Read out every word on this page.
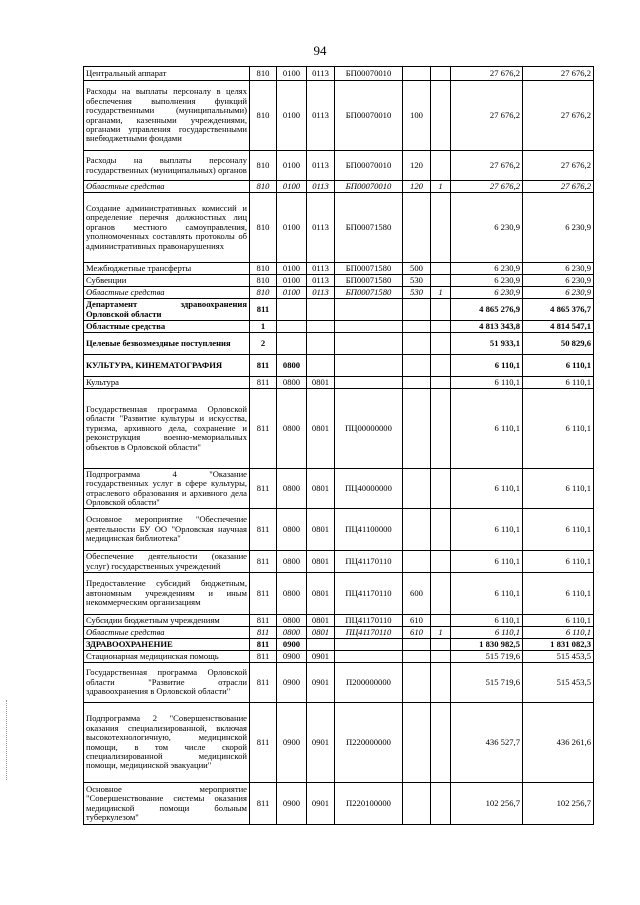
94
Центральный аппарат	810	0100	0113	БП00070010			27 676,2	27 676,2
Расходы на выплаты персоналу в целях обеспечения выполнения функций государственными (муниципальными) органами, казенными учреждениями, органами управления государственными внебюджетными фондами	810	0100	0113	БП00070010	100		27 676,2	27 676,2
Расходы на выплаты персоналу государственных (муниципальных) органов	810	0100	0113	БП00070010	120		27 676,2	27 676,2
Областные средства	810	0100	0113	БП00070010	120	1	27 676,2	27 676,2
Создание административных комиссий и определение перечня должностных лиц органов местного самоуправления, уполномоченных составлять протоколы об административных правонарушениях	810	0100	0113	БП00071580			6 230,9	6 230,9
Межбюджетные трансферты	810	0100	0113	БП00071580	500		6 230,9	6 230,9
Субвенции	810	0100	0113	БП00071580	530		6 230,9	6 230,9
Областные средства	810	0100	0113	БП00071580	530	1	6 230,9	6 230,9
Департамент здравоохранения Орловской области	811						4 865 276,9	4 865 376,7
Областные средства	1						4 813 343,8	4 814 547,1
Целевые безвозмездные поступления	2						51 933,1	50 829,6
КУЛЬТУРА, КИНЕМАТОГРАФИЯ	811	0800					6 110,1	6 110,1
Культура	811	0800	0801				6 110,1	6 110,1
Государственная программа Орловской области "Развитие культуры и искусства, туризма, архивного дела, сохранение и реконструкция военно-мемориальных объектов в Орловской области"	811	0800	0801	ПЦ00000000			6 110,1	6 110,1
Подпрограмма 4 "Оказание государственных услуг в сфере культуры, отраслевого образования и архивного дела Орловской области"	811	0800	0801	ПЦ40000000			6 110,1	6 110,1
Основное мероприятие "Обеспечение деятельности БУ ОО "Орловская научная медицинская библиотека"	811	0800	0801	ПЦ41100000			6 110,1	6 110,1
Обеспечение деятельности (оказание услуг) государственных учреждений	811	0800	0801	ПЦ41170110			6 110,1	6 110,1
Предоставление субсидий бюджетным, автономным учреждениям и иным некоммерческим организациям	811	0800	0801	ПЦ41170110	600		6 110,1	6 110,1
Субсидии бюджетным учреждениям	811	0800	0801	ПЦ41170110	610		6 110,1	6 110,1
Областные средства	811	0800	0801	ПЦ41170110	610	1	6 110,1	6 110,1
ЗДРАВООХРАНЕНИЕ	811	0900					1 830 982,5	1 831 082,3
Стационарная медицинская помощь	811	0900	0901				515 719,6	515 453,5
Государственная программа Орловской области "Развитие отрасли здравоохранения в Орловской области"	811	0900	0901	П200000000			515 719,6	515 453,5
Подпрограмма 2 "Совершенствование оказания специализированной, включая высокотехнологичную, медицинской помощи, в том числе скорой специализированной медицинской помощи, медицинской эвакуации"	811	0900	0901	П220000000			436 527,7	436 261,6
Основное мероприятие "Совершенствование системы оказания медицинской помощи больным туберкулезом"	811	0900	0901	П220100000			102 256,7	102 256,7
